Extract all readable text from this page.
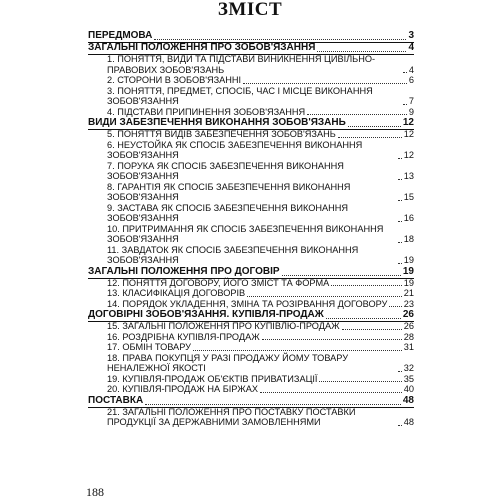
ЗМІСТ
ПЕРЕДМОВА	3
ЗАГАЛЬНІ ПОЛОЖЕННЯ ПРО ЗОБОВ'ЯЗАННЯ	4
1. ПОНЯТТЯ, ВИДИ ТА ПІДСТАВИ ВИНИКНЕННЯ ЦИВІЛЬНО-ПРАВОВИХ ЗОБОВ'ЯЗАНЬ	4
2. СТОРОНИ В ЗОБОВ'ЯЗАННІ	6
3. ПОНЯТТЯ, ПРЕДМЕТ, СПОСІБ, ЧАС І МІСЦЕ ВИКОНАННЯ ЗОБОВ'ЯЗАННЯ	7
4. ПІДСТАВИ ПРИПИНЕННЯ ЗОБОВ'ЯЗАННЯ	9
ВИДИ ЗАБЕЗПЕЧЕННЯ ВИКОНАННЯ ЗОБОВ'ЯЗАНЬ	12
5. ПОНЯТТЯ ВИДІВ ЗАБЕЗПЕЧЕННЯ ЗОБОВ'ЯЗАНЬ	12
6. НЕУСТОЙКА ЯК СПОСІБ ЗАБЕЗПЕЧЕННЯ ВИКОНАННЯ ЗОБОВ'ЯЗАННЯ	12
7. ПОРУКА ЯК СПОСІБ ЗАБЕЗПЕЧЕННЯ ВИКОНАННЯ ЗОБОВ'ЯЗАННЯ	13
8. ГАРАНТІЯ ЯК СПОСІБ ЗАБЕЗПЕЧЕННЯ ВИКОНАННЯ ЗОБОВ'ЯЗАННЯ	15
9. ЗАСТАВА ЯК СПОСІБ ЗАБЕЗПЕЧЕННЯ ВИКОНАННЯ ЗОБОВ'ЯЗАННЯ	16
10. ПРИТРИМАННЯ ЯК СПОСІБ ЗАБЕЗПЕЧЕННЯ ВИКОНАННЯ ЗОБОВ'ЯЗАННЯ	18
11. ЗАВДАТОК ЯК СПОСІБ ЗАБЕЗПЕЧЕННЯ ВИКОНАННЯ ЗОБОВ'ЯЗАННЯ	19
ЗАГАЛЬНІ ПОЛОЖЕННЯ ПРО ДОГОВІР	19
12. ПОНЯТТЯ ДОГОВОРУ, ЙОГО ЗМІСТ ТА ФОРМА	19
13. КЛАСИФІКАЦІЯ ДОГОВОРІВ	21
14. ПОРЯДОК УКЛАДЕННЯ, ЗМІНА ТА РОЗІРВАННЯ ДОГОВОРУ 23
ДОГОВІРНІ ЗОБОВ'ЯЗАННЯ. КУПІВЛЯ-ПРОДАЖ	26
15. ЗАГАЛЬНІ ПОЛОЖЕННЯ ПРО КУПІВЛЮ-ПРОДАЖ	26
16. РОЗДРІБНА КУПІВЛЯ-ПРОДАЖ	28
17. ОБМІН ТОВАРУ	31
18. ПРАВА ПОКУПЦЯ У РАЗІ ПРОДАЖУ ЙОМУ ТОВАРУ НЕНАЛЕЖНОЇ ЯКОСТІ	32
19. КУПІВЛЯ-ПРОДАЖ ОБ'ЄКТІВ ПРИВАТИЗАЦІЇ	35
20. КУПІВЛЯ-ПРОДАЖ НА БІРЖАХ	40
ПОСТАВКА	48
21. ЗАГАЛЬНІ ПОЛОЖЕННЯ ПРО ПОСТАВКУ ПОСТАВКИ ПРОДУКЦІЇ ЗА ДЕРЖАВНИМИ ЗАМОВЛЕННЯМИ	48
188
